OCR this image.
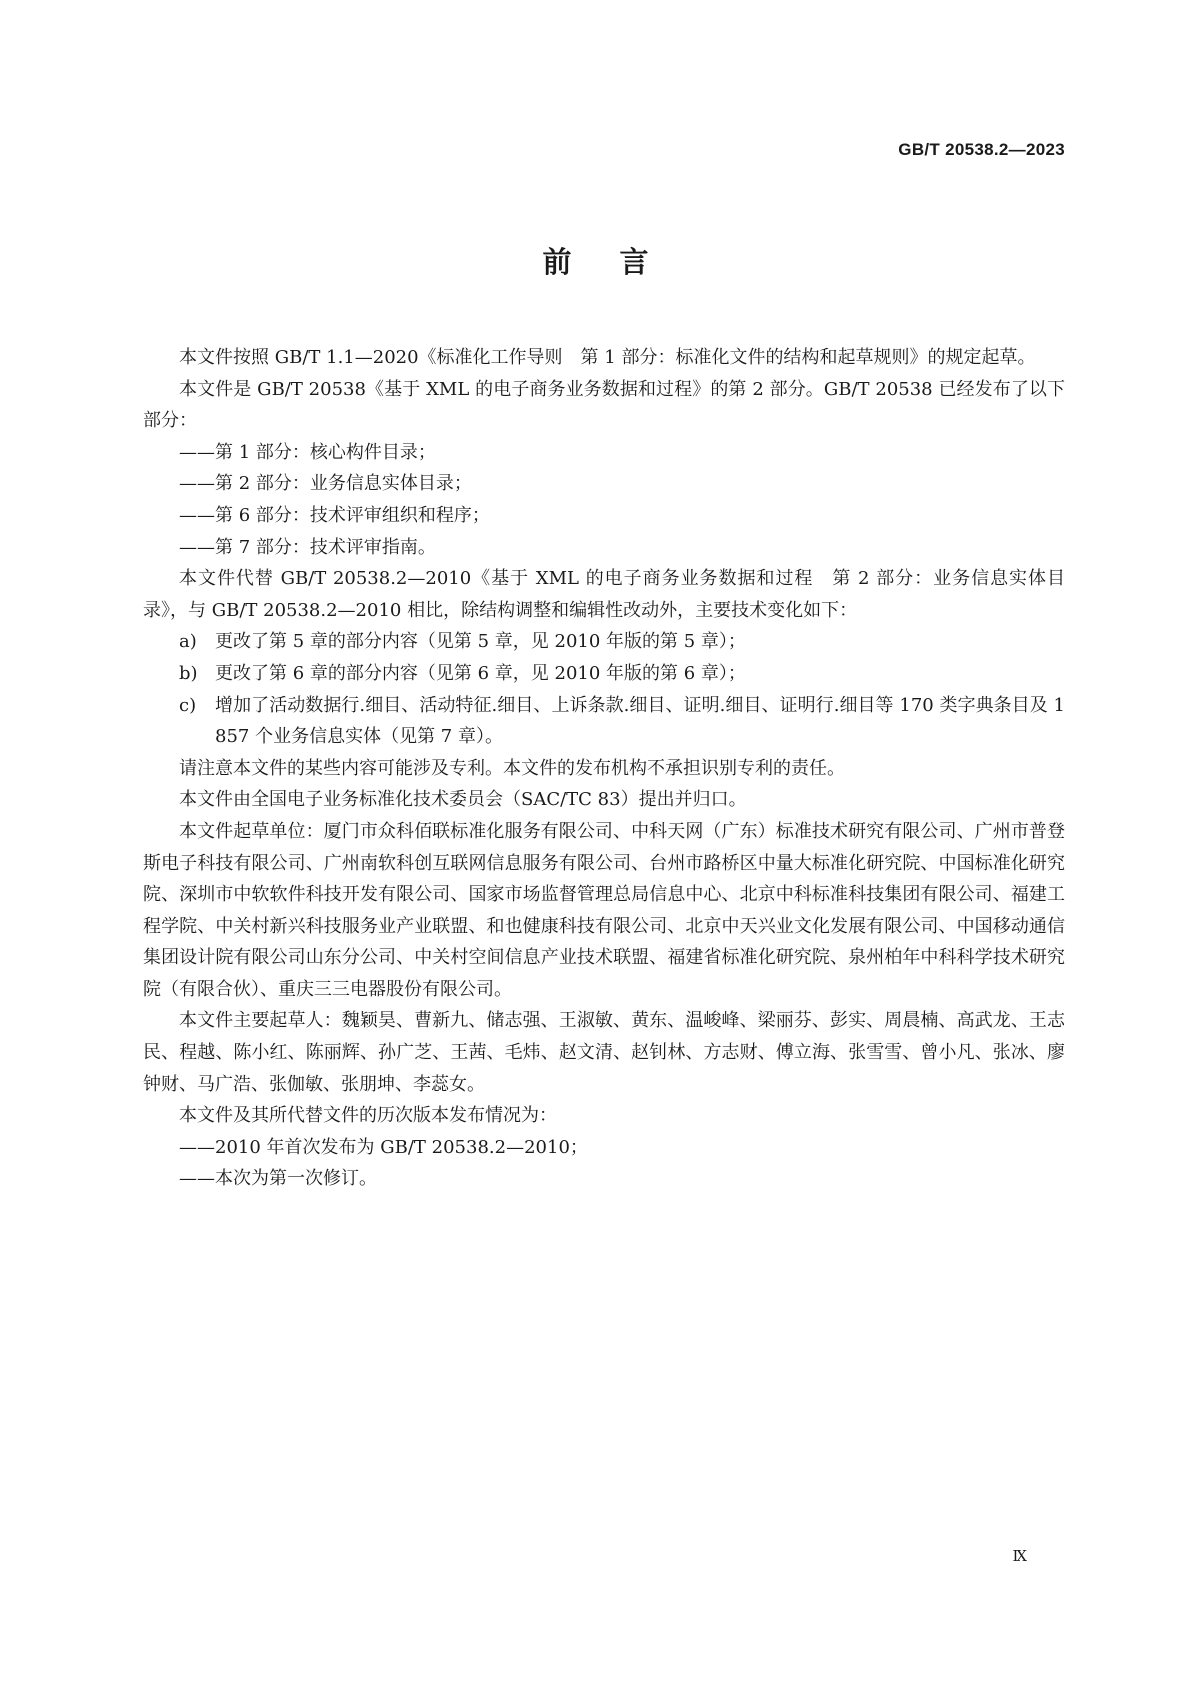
GB/T 20538.2—2023
前言

本文件按照 GB/T 1.1—2020《标准化工作导则　第 1 部分：标准化文件的结构和起草规则》的规定起草。

本文件是 GB/T 20538《基于 XML 的电子商务业务数据和过程》的第 2 部分。GB/T 20538 已经发布了以下部分：

——第 1 部分：核心构件目录；

——第 2 部分：业务信息实体目录；

——第 6 部分：技术评审组织和程序；

——第 7 部分：技术评审指南。

本文件代替 GB/T 20538.2—2010《基于 XML 的电子商务业务数据和过程　第 2 部分：业务信息实体目录》，与 GB/T 20538.2—2010 相比，除结构调整和编辑性改动外，主要技术变化如下：

a) 更改了第 5 章的部分内容（见第 5 章，见 2010 年版的第 5 章）；

b) 更改了第 6 章的部分内容（见第 6 章，见 2010 年版的第 6 章）；

c) 增加了活动数据行.细目、活动特征.细目、上诉条款.细目、证明.细目、证明行.细目等 170 类字典条目及 1 857 个业务信息实体（见第 7 章）。

请注意本文件的某些内容可能涉及专利。本文件的发布机构不承担识别专利的责任。

本文件由全国电子业务标准化技术委员会（SAC/TC 83）提出并归口。

本文件起草单位：厦门市众科佰联标准化服务有限公司、中科天网（广东）标准技术研究有限公司、广州市普登斯电子科技有限公司、广州南软科创互联网信息服务有限公司、台州市路桥区中量大标准化研究院、中国标准化研究院、深圳市中软软件科技开发有限公司、国家市场监督管理总局信息中心、北京中科标准科技集团有限公司、福建工程学院、中关村新兴科技服务业产业联盟、和也健康科技有限公司、北京中天兴业文化发展有限公司、中国移动通信集团设计院有限公司山东分公司、中关村空间信息产业技术联盟、福建省标准化研究院、泉州柏年中科科学技术研究院（有限合伙）、重庆三三电器股份有限公司。

本文件主要起草人：魏颖昊、曹新九、储志强、王淑敏、黄东、温峻峰、梁丽芬、彭实、周晨楠、高武龙、王志民、程越、陈小红、陈丽辉、孙广芝、王茜、毛炜、赵文清、赵钊林、方志财、傅立海、张雪雪、曾小凡、张冰、廖钟财、马广浩、张伽敏、张朋坤、李蕊女。

本文件及其所代替文件的历次版本发布情况为：

——2010 年首次发布为 GB/T 20538.2—2010；

——本次为第一次修订。

Ⅸ
